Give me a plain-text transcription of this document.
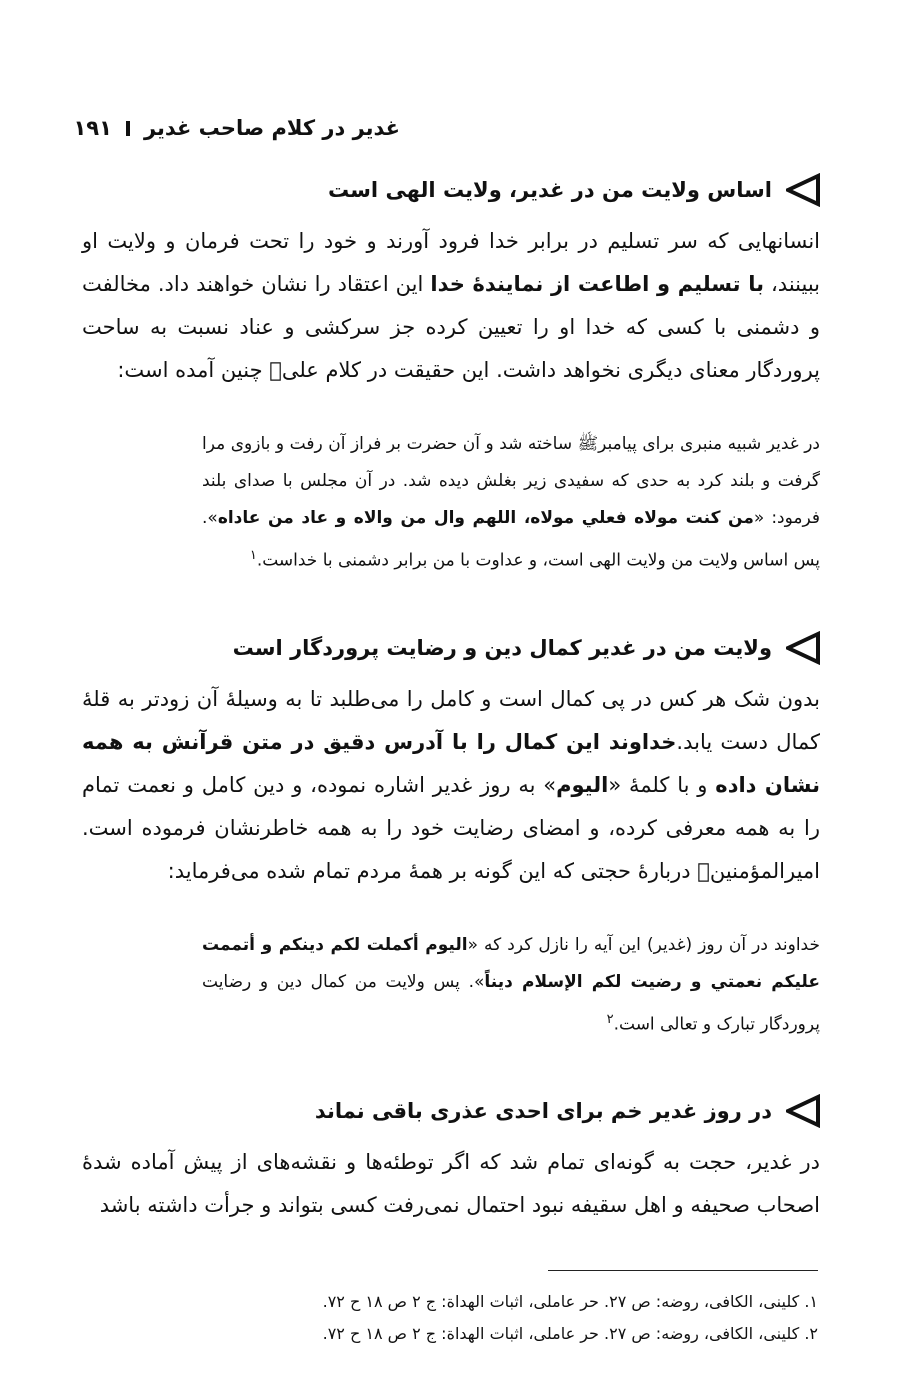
غدیر در کلام صاحب غدیر
۱۹۱
اساس ولایت من در غدیر، ولایت الهی است

انسانهایی که سر تسلیم در برابر خدا فرود آورند و خود را تحت فرمان و ولایت او ببینند، با تسلیم و اطاعت از نمایندهٔ خدا این اعتقاد را نشان خواهند داد. مخالفت و دشمنی با کسی که خدا او را تعیین کرده جز سرکشی و عناد نسبت به ساحت پروردگار معنای دیگری نخواهد داشت. این حقیقت در کلام علیؑ چنین آمده است:

در غدیر شبیه منبری برای پیامبرﷺ ساخته شد و آن حضرت بر فراز آن رفت و بازوی مرا گرفت و بلند کرد به حدی که سفیدی زیر بغلش دیده شد. در آن مجلس با صدای بلند فرمود: «من کنت مولاه فعلي مولاه، اللهم وال من والاه و عاد من عاداه». پس اساس ولایت من ولایت الهی است، و عداوت با من برابر دشمنی با خداست.$^۱$

ولایت من در غدیر کمال دین و رضایت پروردگار است

بدون شک هر کس در پی کمال است و کامل را می‌طلبد تا به وسیلهٔ آن زودتر به قلهٔ کمال دست یابد.خداوند این کمال را با آدرس دقیق در متن قرآنش به همه نشان داده و با کلمهٔ «الیوم» به روز غدیر اشاره نموده، و دین کامل و نعمت تمام را به همه معرفی کرده، و امضای رضایت خود را به همه خاطرنشان فرموده است. امیرالمؤمنینؑ دربارهٔ حجتی که این گونه بر همهٔ مردم تمام شده می‌فرماید:

خداوند در آن روز (غدیر) این آیه را نازل کرد که «الیوم أکملت لکم دینکم و أتممت علیکم نعمتي و رضیت لکم الإسلام دیناً». پس ولایت من کمال دین و رضایت پروردگار تبارک و تعالی است.$^۲$

در روز غدیر خم برای احدی عذری باقی نماند

در غدیر، حجت به گونه‌ای تمام شد که اگر توطئه‌ها و نقشه‌های از پیش آماده شدهٔ اصحاب صحیفه و اهل سقیفه نبود احتمال نمی‌رفت کسی بتواند و جرأت داشته باشد

۱. کلینی، الکافی، روضه: ص ۲۷. حر عاملی، اثبات الهداة: ج ۲ ص ۱۸ ح ۷۲.
۲. کلینی، الکافی، روضه: ص ۲۷. حر عاملی، اثبات الهداة: ج ۲ ص ۱۸ ح ۷۲.
